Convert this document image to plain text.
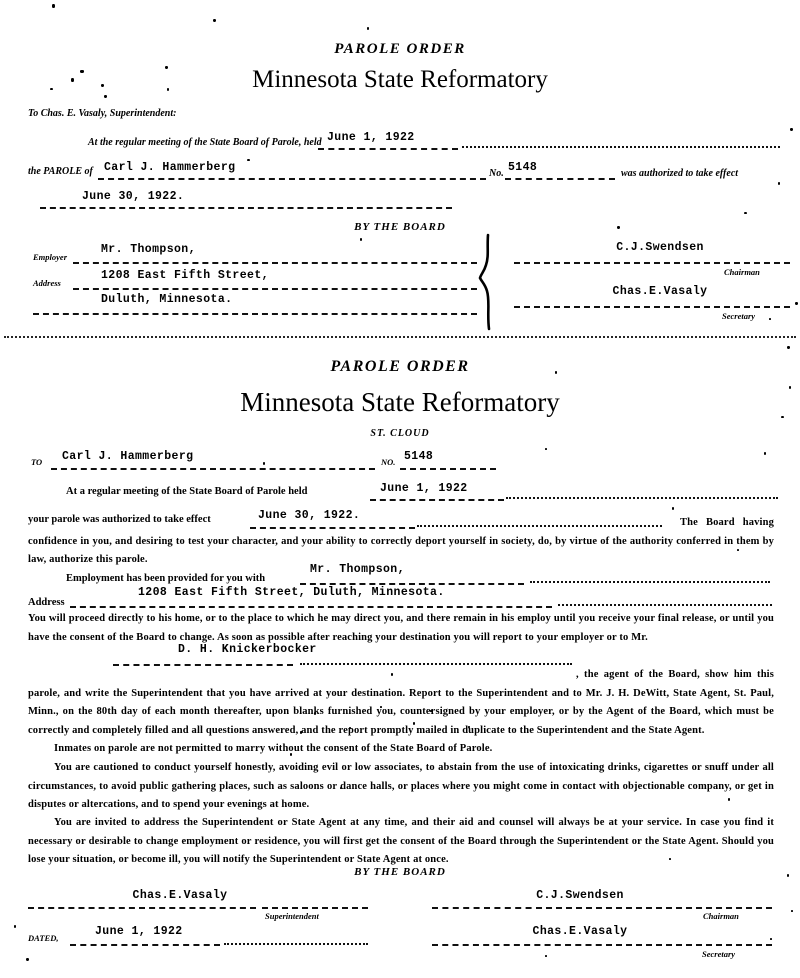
PAROLE ORDER
Minnesota State Reformatory
To Chas. E. Vasaly, Superintendent:
At the regular meeting of the State Board of Parole, held June 1, 1922
the PAROLE of Carl J. Hammerberg	No. 5148	was authorized to take effect
June 30, 1922.
BY THE BOARD
Employer
Mr. Thompson,
Address
1208 East Fifth Street,
Duluth, Minnesota.
C.J.Swendsen
Chairman
Chas.E.Vasaly
Secretary
PAROLE ORDER
Minnesota State Reformatory
ST. CLOUD
TO Carl J. Hammerberg	NO. 5148
At a regular meeting of the State Board of Parole held	June 1, 1922
your parole was authorized to take effect	June 30, 1922.
The Board having confidence in you, and desiring to test your character, and your ability to correctly deport yourself in society, do, by virtue of the authority conferred in them by law, authorize this parole.
Employment has been provided for you with
Mr. Thompson,
Address
1208 East Fifth Street, Duluth, Minnesota.
You will proceed directly to his home, or to the place to which he may direct you, and there remain in his employ until you receive your final release, or until you have the consent of the Board to change. As soon as possible after reaching your destination you will report to your employer or to Mr.
D. H. Knickerbocker
, the agent of the Board, show him this parole, and write the Superintendent that you have arrived at your destination. Report to the Superintendent and to Mr. J. H. DeWitt, State Agent, St. Paul, Minn., on the 80th day of each month thereafter, upon blanks furnished you, countersigned by your employer, or by the Agent of the Board, which must be correctly and completely filled and all questions answered, and the report promptly mailed in duplicate to the Superintendent and the State Agent.
Inmates on parole are not permitted to marry without the consent of the State Board of Parole.
You are cautioned to conduct yourself honestly, avoiding evil or low associates, to abstain from the use of intoxicating drinks, cigarettes or snuff under all circumstances, to avoid public gathering places, such as saloons or dance halls, or places where you might come in contact with objectionable company, or get in disputes or altercations, and to spend your evenings at home.
You are invited to address the Superintendent or State Agent at any time, and their aid and counsel will always be at your service. In case you find it necessary or desirable to change employment or residence, you will first get the consent of the Board through the Superintendent or the State Agent. Should you lose your situation, or become ill, you will notify the Superintendent or State Agent at once.
BY THE BOARD
Chas.E.Vasaly
Superintendent
DATED,	June 1, 1922
C.J.Swendsen
Chairman
Chas.E.Vasaly
Secretary
